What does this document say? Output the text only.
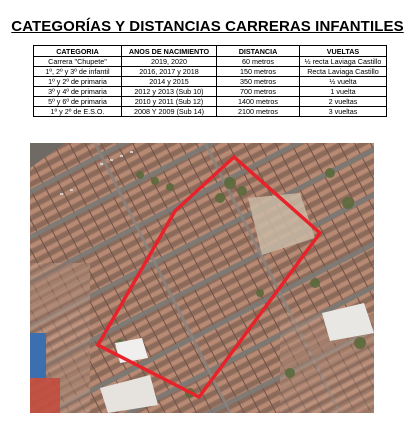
CATEGORÍAS Y DISTANCIAS CARRERAS INFANTILES
CATEGORIA	ANOS DE NACIMIENTO	DISTANCIA	VUELTAS
Carrera "Chupete"	2019, 2020	60 metros	½ recta Laviaga Castillo
1º, 2º y 3º de infantil	2016, 2017 y 2018	150 metros	Recta Laviaga Castillo
1º y 2º de primaria	2014 y 2015	350 metros	½ vuelta
3º y 4º de primaria	2012 y 2013 (Sub 10)	700 metros	1 vuelta
5º y 6º de primaria	2010 y 2011 (Sub 12)	1400 metros	2 vueltas
1º y 2º de E.S.O.	2008 Y 2009 (Sub 14)	2100 metros	3 vueltas
